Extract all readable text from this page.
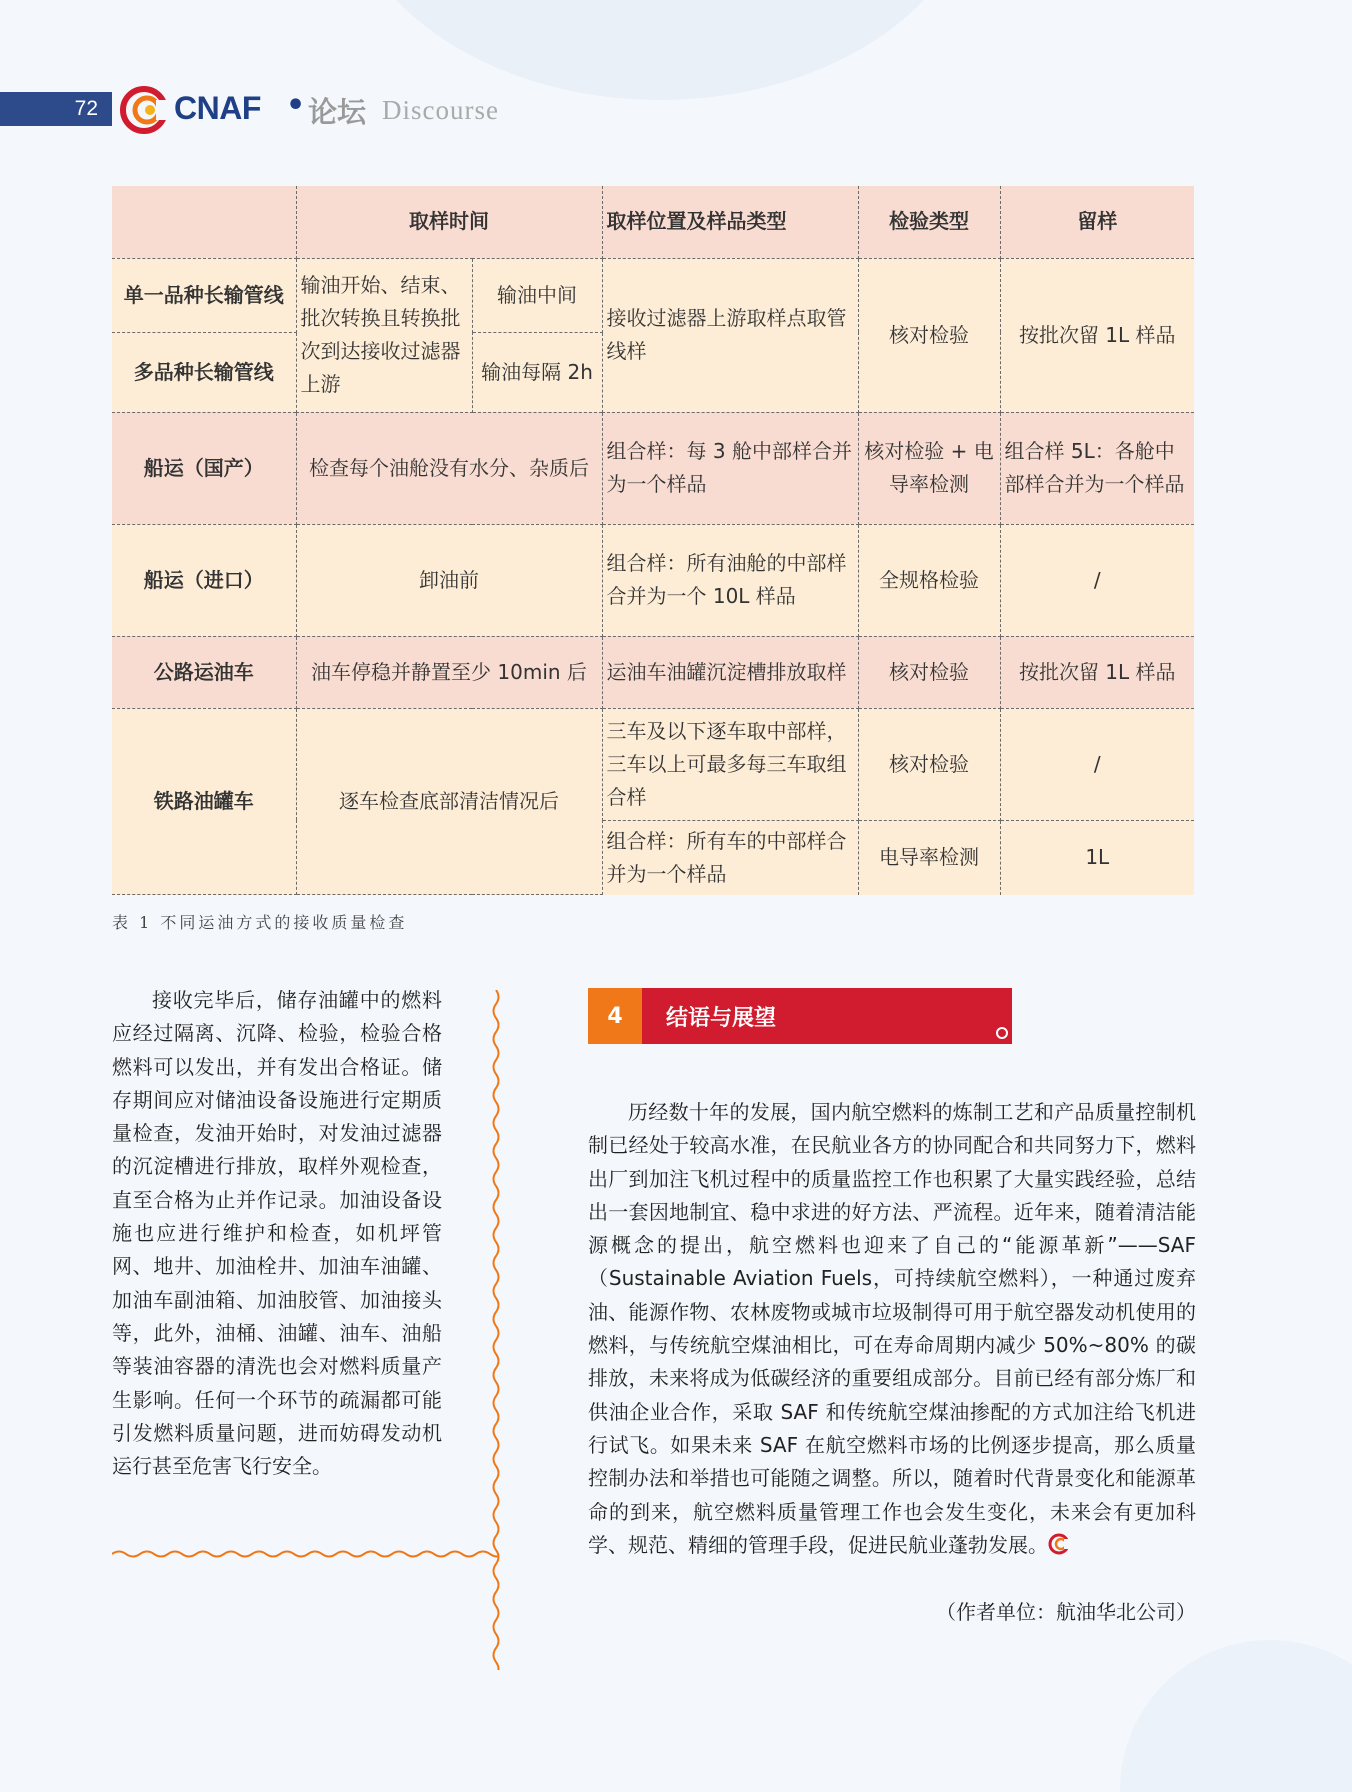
72	CNAF • 论坛 Discourse
	取样时间		取样位置及样品类型	检验类型	留样
单一品种长输管线	输油开始、结束、批次转换且转换批次到达接收过滤器上游	输油中间	接收过滤器上游取样点取管线样	核对检验	按批次留 1L 样品
多品种长输管线		输油每隔 2h			
船运（国产）	检查每个油舱没有水分、杂质后		组合样：每 3 舱中部样合并为一个样品	核对检验 + 电导率检测	组合样 5L：各舱中部样合并为一个样品
船运（进口）	卸油前		组合样：所有油舱的中部样合并为一个 10L 样品	全规格检验	/
公路运油车	油车停稳并静置至少 10min 后		运油车油罐沉淀槽排放取样	核对检验	按批次留 1L 样品
铁路油罐车	逐车检查底部清洁情况后		三车及以下逐车取中部样，三车以上可最多每三车取组合样	核对检验	/
			组合样：所有车的中部样合并为一个样品	电导率检测	1L
表 1 不同运油方式的接收质量检查

接收完毕后，储存油罐中的燃料应经过隔离、沉降、检验，检验合格燃料可以发出，并有发出合格证。储存期间应对储油设备设施进行定期质量检查，发油开始时，对发油过滤器的沉淀槽进行排放，取样外观检查，直至合格为止并作记录。加油设备设施也应进行维护和检查，如机坪管网、地井、加油栓井、加油车油罐、加油车副油箱、加油胶管、加油接头等，此外，油桶、油罐、油车、油船等装油容器的清洗也会对燃料质量产生影响。任何一个环节的疏漏都可能引发燃料质量问题，进而妨碍发动机运行甚至危害飞行安全。

4	结语与展望

历经数十年的发展，国内航空燃料的炼制工艺和产品质量控制机制已经处于较高水准，在民航业各方的协同配合和共同努力下，燃料出厂到加注飞机过程中的质量监控工作也积累了大量实践经验，总结出一套因地制宜、稳中求进的好方法、严流程。近年来，随着清洁能源概念的提出，航空燃料也迎来了自己的“能源革新”——SAF（Sustainable Aviation Fuels，可持续航空燃料），一种通过废弃油、能源作物、农林废物或城市垃圾制得可用于航空器发动机使用的燃料，与传统航空煤油相比，可在寿命周期内减少 50%~80% 的碳排放，未来将成为低碳经济的重要组成部分。目前已经有部分炼厂和供油企业合作，采取 SAF 和传统航空煤油掺配的方式加注给飞机进行试飞。如果未来 SAF 在航空燃料市场的比例逐步提高，那么质量控制办法和举措也可能随之调整。所以，随着时代背景变化和能源革命的到来，航空燃料质量管理工作也会发生变化，未来会有更加科学、规范、精细的管理手段，促进民航业蓬勃发展。

（作者单位：航油华北公司）
